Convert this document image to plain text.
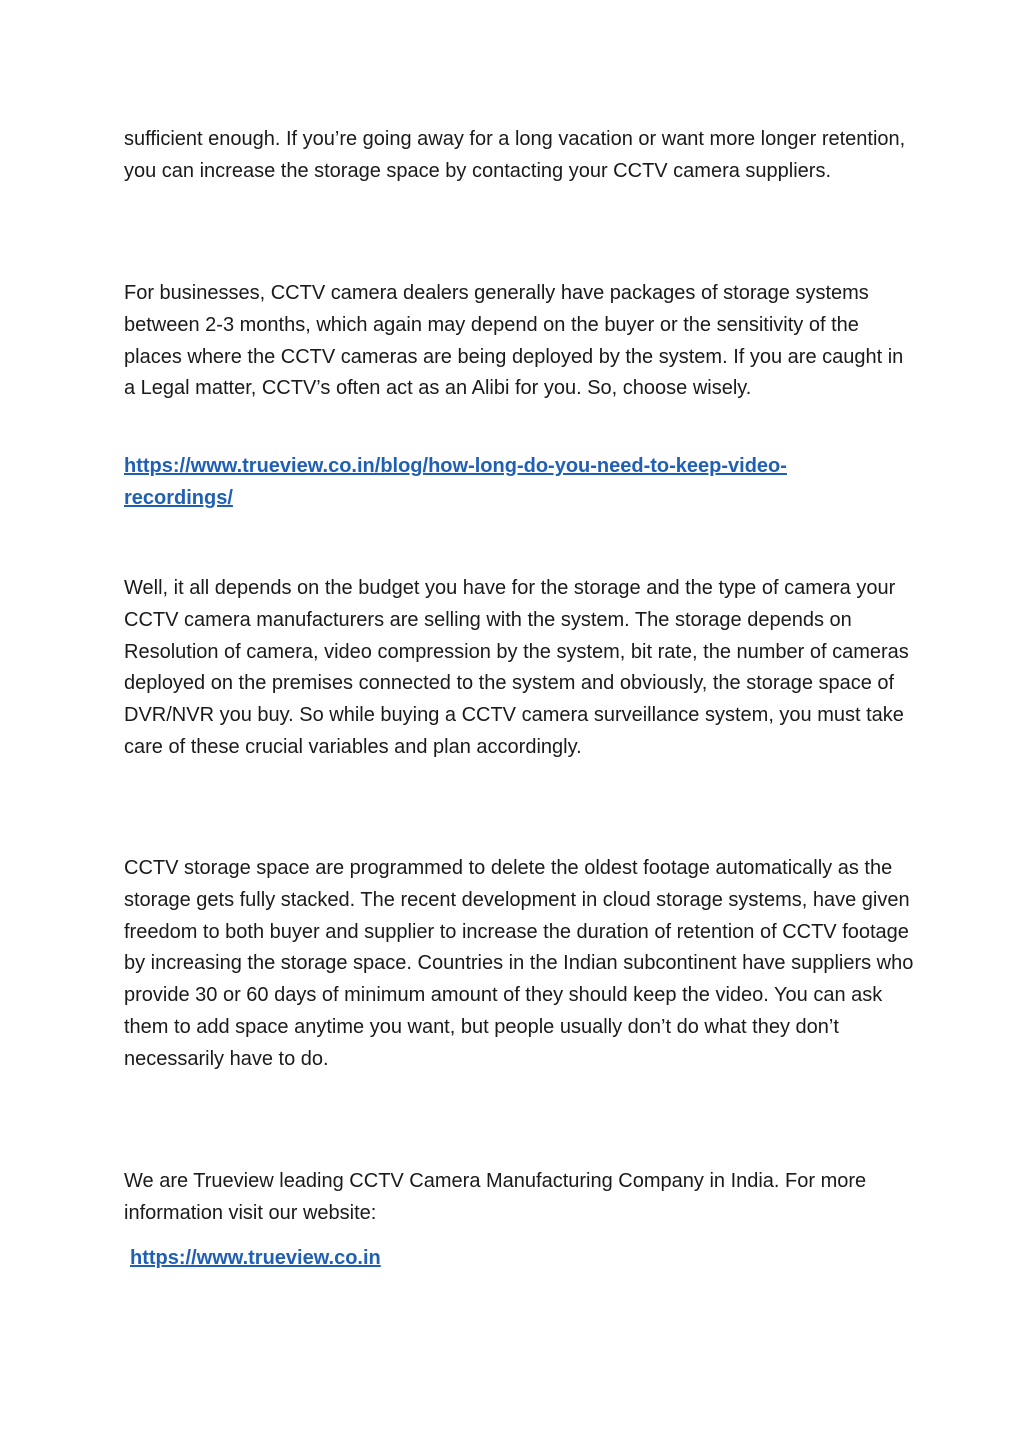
sufficient enough. If you’re going away for a long vacation or want more longer retention, you can increase the storage space by contacting your CCTV camera suppliers.

For businesses, CCTV camera dealers generally have packages of storage systems between 2-3 months, which again may depend on the buyer or the sensitivity of the places where the CCTV cameras are being deployed by the system. If you are caught in a Legal matter, CCTV’s often act as an Alibi for you. So, choose wisely.

https://www.trueview.co.in/blog/how-long-do-you-need-to-keep-video-recordings/

Well, it all depends on the budget you have for the storage and the type of camera your CCTV camera manufacturers are selling with the system. The storage depends on Resolution of camera, video compression by the system, bit rate, the number of cameras deployed on the premises connected to the system and obviously, the storage space of DVR/NVR you buy. So while buying a CCTV camera surveillance system, you must take care of these crucial variables and plan accordingly.

CCTV storage space are programmed to delete the oldest footage automatically as the storage gets fully stacked. The recent development in cloud storage systems, have given freedom to both buyer and supplier to increase the duration of retention of CCTV footage by increasing the storage space. Countries in the Indian subcontinent have suppliers who provide 30 or 60 days of minimum amount of they should keep the video. You can ask them to add space anytime you want, but people usually don’t do what they don’t necessarily have to do.

We are Trueview leading CCTV Camera Manufacturing Company in India. For more information visit our website:

https://www.trueview.co.in
